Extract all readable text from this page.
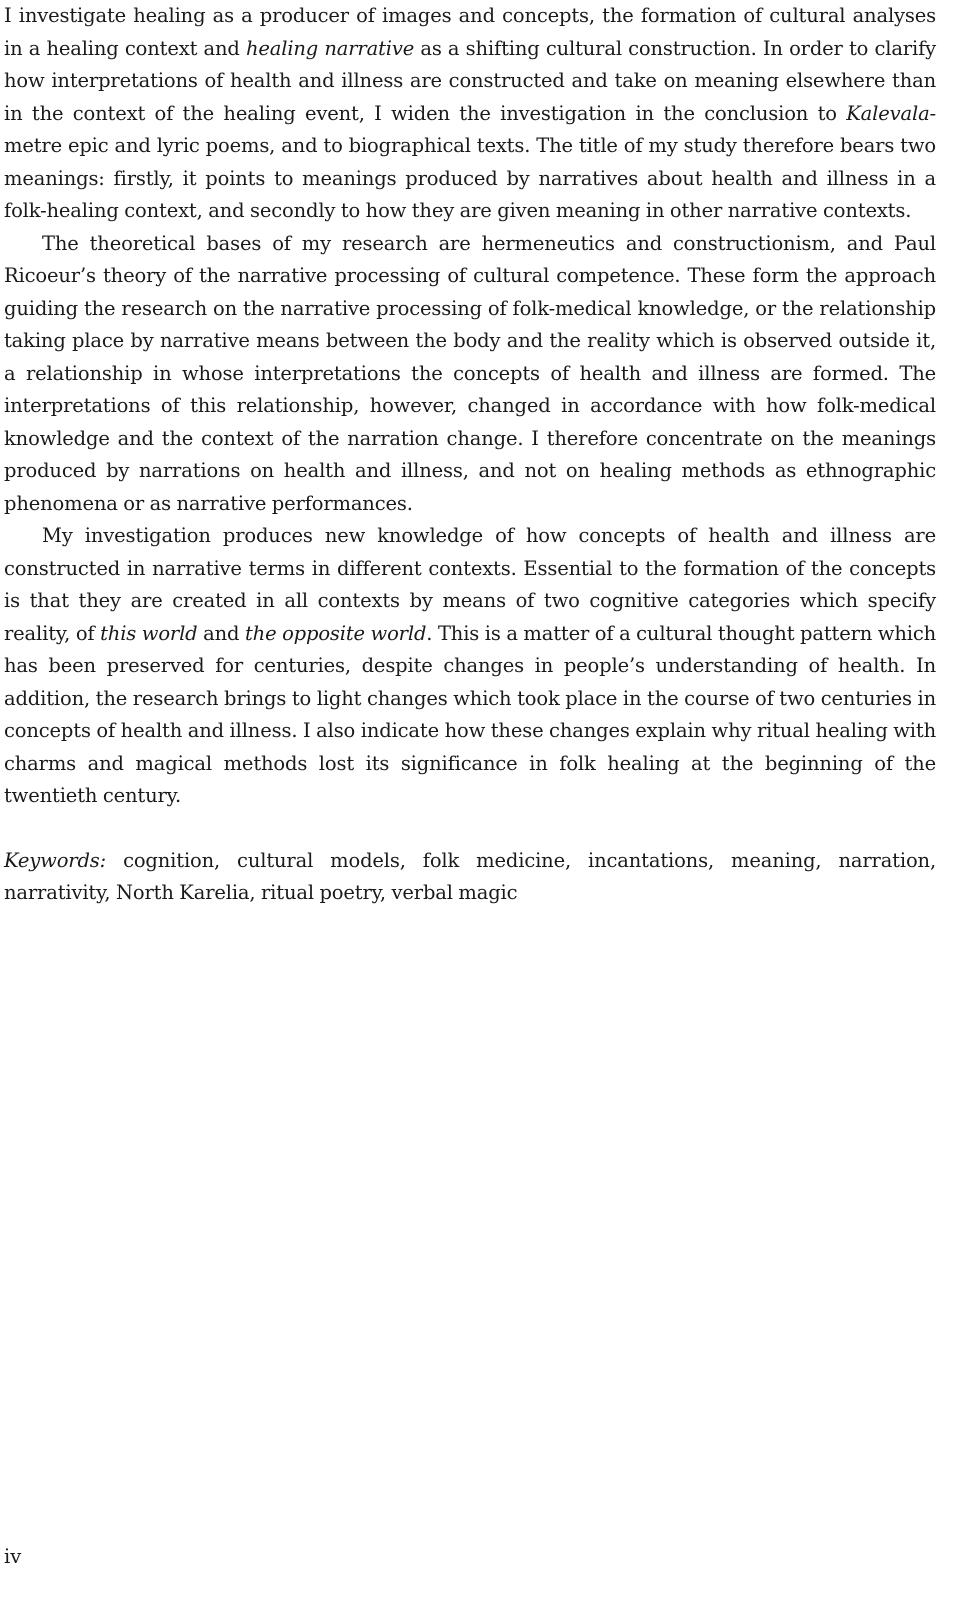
I investigate healing as a producer of images and concepts, the formation of cultural analyses in a healing context and healing narrative as a shifting cultural construction. In order to clarify how interpretations of health and illness are constructed and take on meaning elsewhere than in the context of the healing event, I widen the investigation in the conclusion to Kalevala-metre epic and lyric poems, and to biographical texts. The title of my study therefore bears two meanings: firstly, it points to meanings produced by narratives about health and illness in a folk-healing context, and secondly to how they are given meaning in other narrative contexts.

The theoretical bases of my research are hermeneutics and constructionism, and Paul Ricoeur’s theory of the narrative processing of cultural competence. These form the approach guiding the research on the narrative processing of folk-medical knowledge, or the relationship taking place by narrative means between the body and the reality which is observed outside it, a relationship in whose interpretations the concepts of health and illness are formed. The interpretations of this relationship, however, changed in accordance with how folk-medical knowledge and the context of the narration change. I therefore concentrate on the meanings produced by narrations on health and illness, and not on healing methods as ethnographic phenomena or as narrative performances.

My investigation produces new knowledge of how concepts of health and illness are constructed in narrative terms in different contexts. Essential to the formation of the concepts is that they are created in all contexts by means of two cognitive categories which specify reality, of this world and the opposite world. This is a matter of a cultural thought pattern which has been preserved for centuries, despite changes in people’s understanding of health. In addition, the research brings to light changes which took place in the course of two centuries in concepts of health and illness. I also indicate how these changes explain why ritual healing with charms and magical methods lost its significance in folk healing at the beginning of the twentieth century.

Keywords: cognition, cultural models, folk medicine, incantations, meaning, narration, narrativity, North Karelia, ritual poetry, verbal magic
iv
